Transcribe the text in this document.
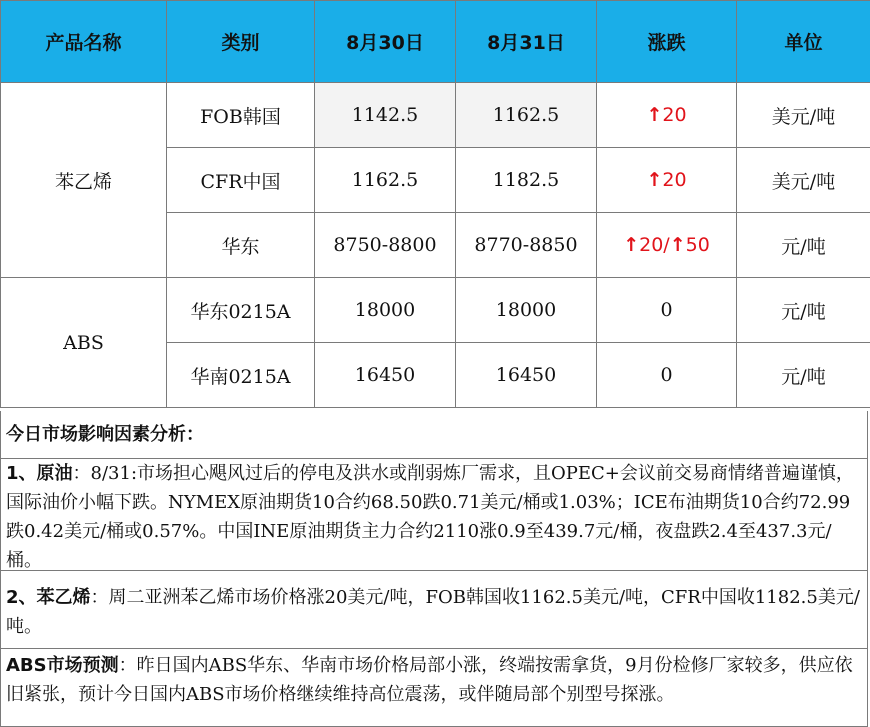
产品名称	类别	8月30日	8月31日	涨跌	单位
苯乙烯	FOB韩国	1142.5	1162.5	↑20	美元/吨
	CFR中国	1162.5	1182.5	↑20	美元/吨
	华东	8750-8800	8770-8850	↑20/↑50	元/吨
ABS	华东0215A	18000	18000	0	元/吨
	华南0215A	16450	16450	0	元/吨
今日市场影响因素分析：
1、原油：8/31:市场担心飓风过后的停电及洪水或削弱炼厂需求，且OPEC+会议前交易商情绪普遍谨慎，国际油价小幅下跌。NYMEX原油期货10合约68.50跌0.71美元/桶或1.03%；ICE布油期货10合约72.99跌0.42美元/桶或0.57%。中国INE原油期货主力合约2110涨0.9至439.7元/桶，夜盘跌2.4至437.3元/桶。
2、苯乙烯：周二亚洲苯乙烯市场价格涨20美元/吨，FOB韩国收1162.5美元/吨，CFR中国收1182.5美元/吨。
ABS市场预测：昨日国内ABS华东、华南市场价格局部小涨，终端按需拿货，9月份检修厂家较多，供应依旧紧张，预计今日国内ABS市场价格继续维持高位震荡，或伴随局部个别型号探涨。
